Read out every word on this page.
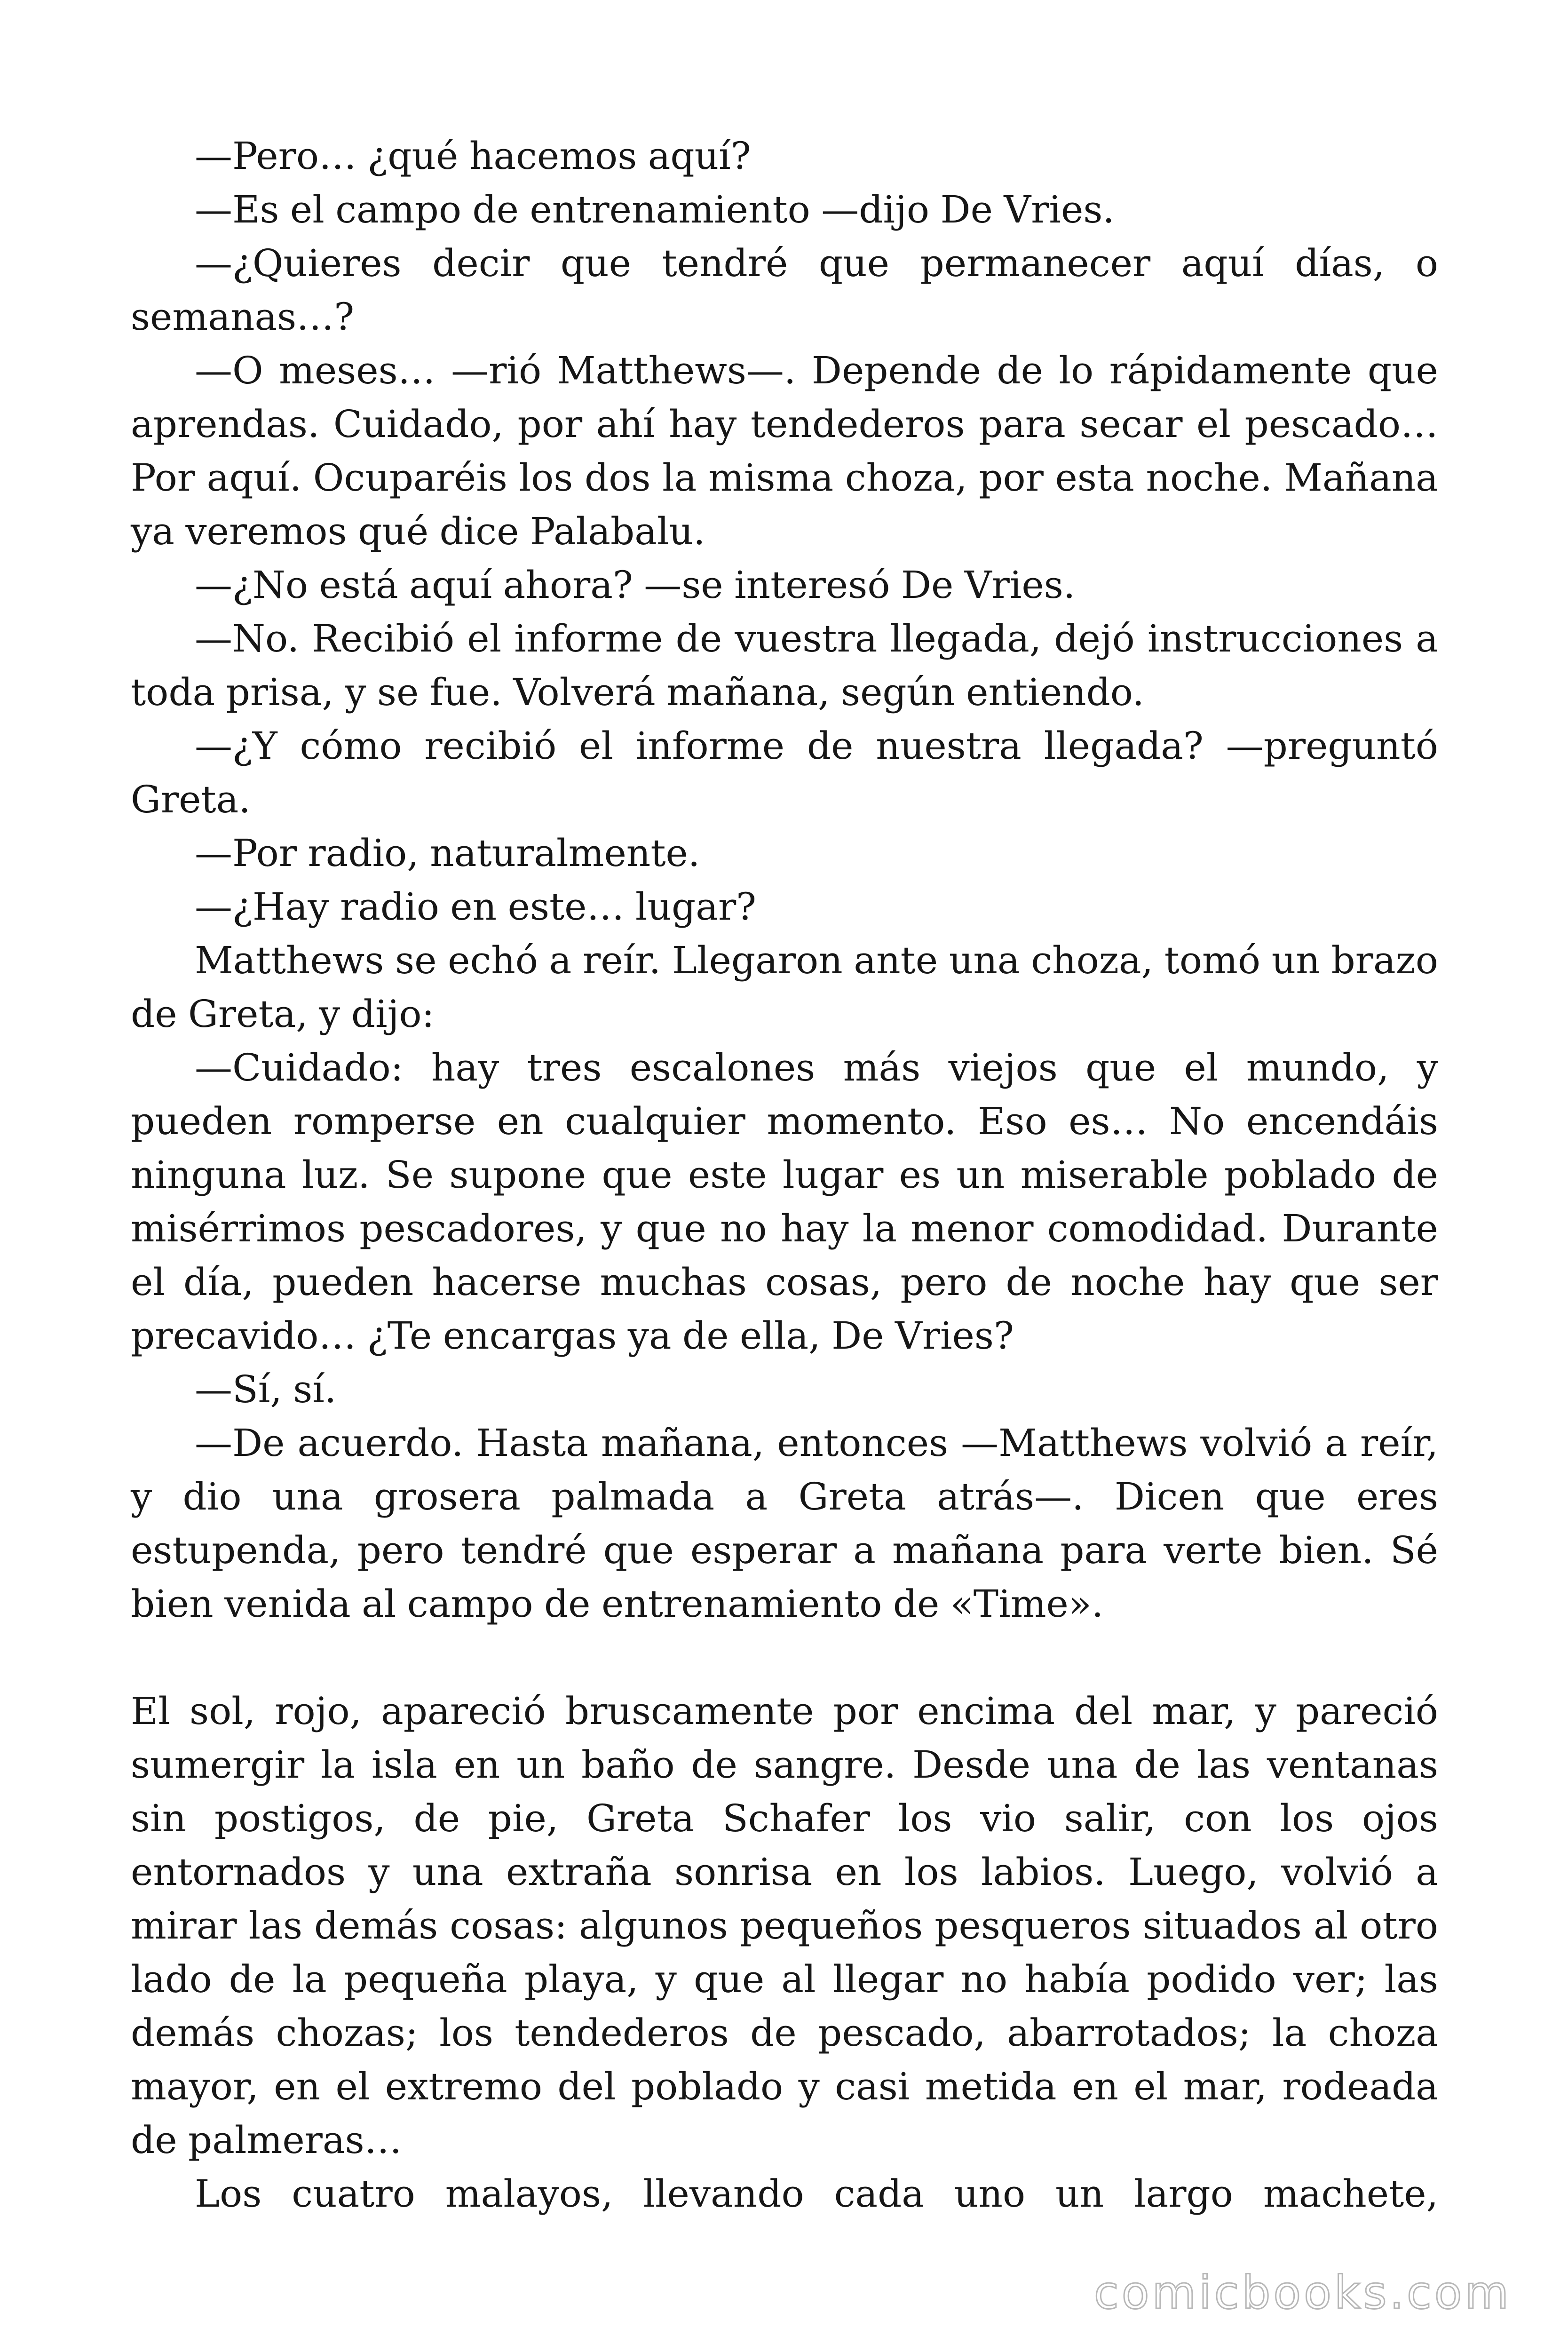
—Pero… ¿qué hacemos aquí?

—Es el campo de entrenamiento —dijo De Vries.

—¿Quieres decir que tendré que permanecer aquí días, o semanas…?

—O meses… —rió Matthews—. Depende de lo rápidamente que aprendas. Cuidado, por ahí hay tendederos para secar el pescado… Por aquí. Ocuparéis los dos la misma choza, por esta noche. Mañana ya veremos qué dice Palabalu.

—¿No está aquí ahora? —se interesó De Vries.

—No. Recibió el informe de vuestra llegada, dejó instrucciones a toda prisa, y se fue. Volverá mañana, según entiendo.

—¿Y cómo recibió el informe de nuestra llegada? —preguntó Greta.

—Por radio, naturalmente.

—¿Hay radio en este… lugar?

Matthews se echó a reír. Llegaron ante una choza, tomó un brazo de Greta, y dijo:

—Cuidado: hay tres escalones más viejos que el mundo, y pueden romperse en cualquier momento. Eso es… No encendáis ninguna luz. Se supone que este lugar es un miserable poblado de misérrimos pescadores, y que no hay la menor comodidad. Durante el día, pueden hacerse muchas cosas, pero de noche hay que ser precavido… ¿Te encargas ya de ella, De Vries?

—Sí, sí.

—De acuerdo. Hasta mañana, entonces —Matthews volvió a reír, y dio una grosera palmada a Greta atrás—. Dicen que eres estupenda, pero tendré que esperar a mañana para verte bien. Sé bien venida al campo de entrenamiento de «Time».

El sol, rojo, apareció bruscamente por encima del mar, y pareció sumergir la isla en un baño de sangre. Desde una de las ventanas sin postigos, de pie, Greta Schafer los vio salir, con los ojos entornados y una extraña sonrisa en los labios. Luego, volvió a mirar las demás cosas: algunos pequeños pesqueros situados al otro lado de la pequeña playa, y que al llegar no había podido ver; las demás chozas; los tendederos de pescado, abarrotados; la choza mayor, en el extremo del poblado y casi metida en el mar, rodeada de palmeras…

Los cuatro malayos, llevando cada uno un largo machete,

comicbooks.com
